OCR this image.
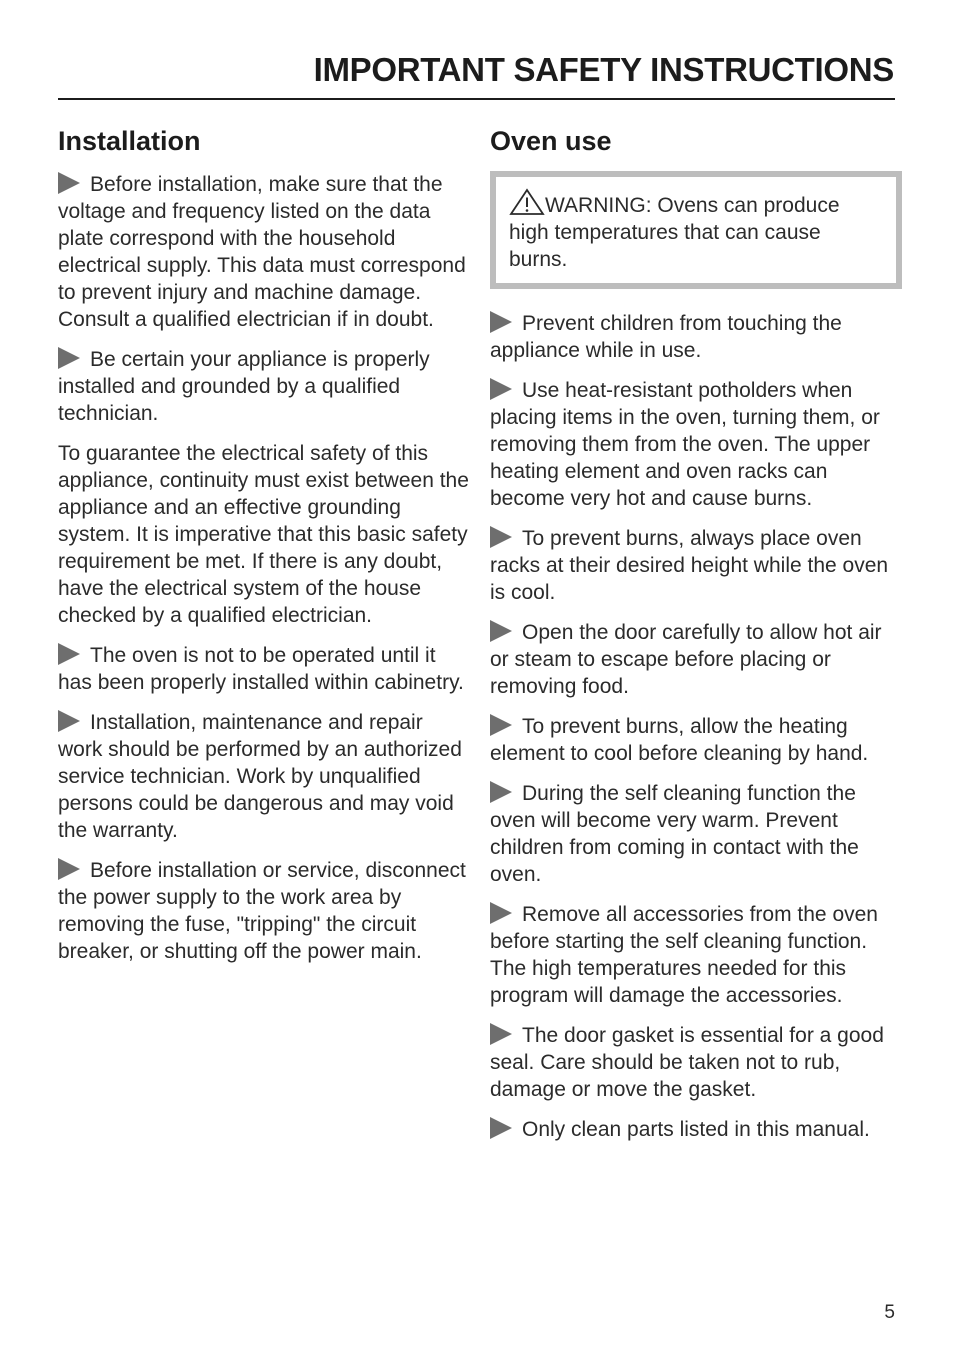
IMPORTANT SAFETY INSTRUCTIONS
Installation

Before installation, make sure that the voltage and frequency listed on the data plate correspond with the household electrical supply. This data must correspond to prevent injury and machine damage. Consult a qualified electrician if in doubt.

Be certain your appliance is properly installed and grounded by a qualified technician.

To guarantee the electrical safety of this appliance, continuity must exist between the appliance and an effective grounding system. It is imperative that this basic safety requirement be met. If there is any doubt, have the electrical system of the house checked by a qualified electrician.

The oven is not to be operated until it has been properly installed within cabinetry.

Installation, maintenance and repair work should be performed by an authorized service technician. Work by unqualified persons could be dangerous and may void the warranty.

Before installation or service, disconnect the power supply to the work area by removing the fuse, "tripping" the circuit breaker, or shutting off the power main.

Oven use
WARNING: Ovens can produce high temperatures that can cause burns.

Prevent children from touching the appliance while in use.

Use heat-resistant potholders when placing items in the oven, turning them, or removing them from the oven. The upper heating element and oven racks can become very hot and cause burns.

To prevent burns, always place oven racks at their desired height while the oven is cool.

Open the door carefully to allow hot air or steam to escape before placing or removing food.

To prevent burns, allow the heating element to cool before cleaning by hand.

During the self cleaning function the oven will become very warm. Prevent children from coming in contact with the oven.

Remove all accessories from the oven before starting the self cleaning function. The high temperatures needed for this program will damage the accessories.

The door gasket is essential for a good seal. Care should be taken not to rub, damage or move the gasket.

Only clean parts listed in this manual.

5
